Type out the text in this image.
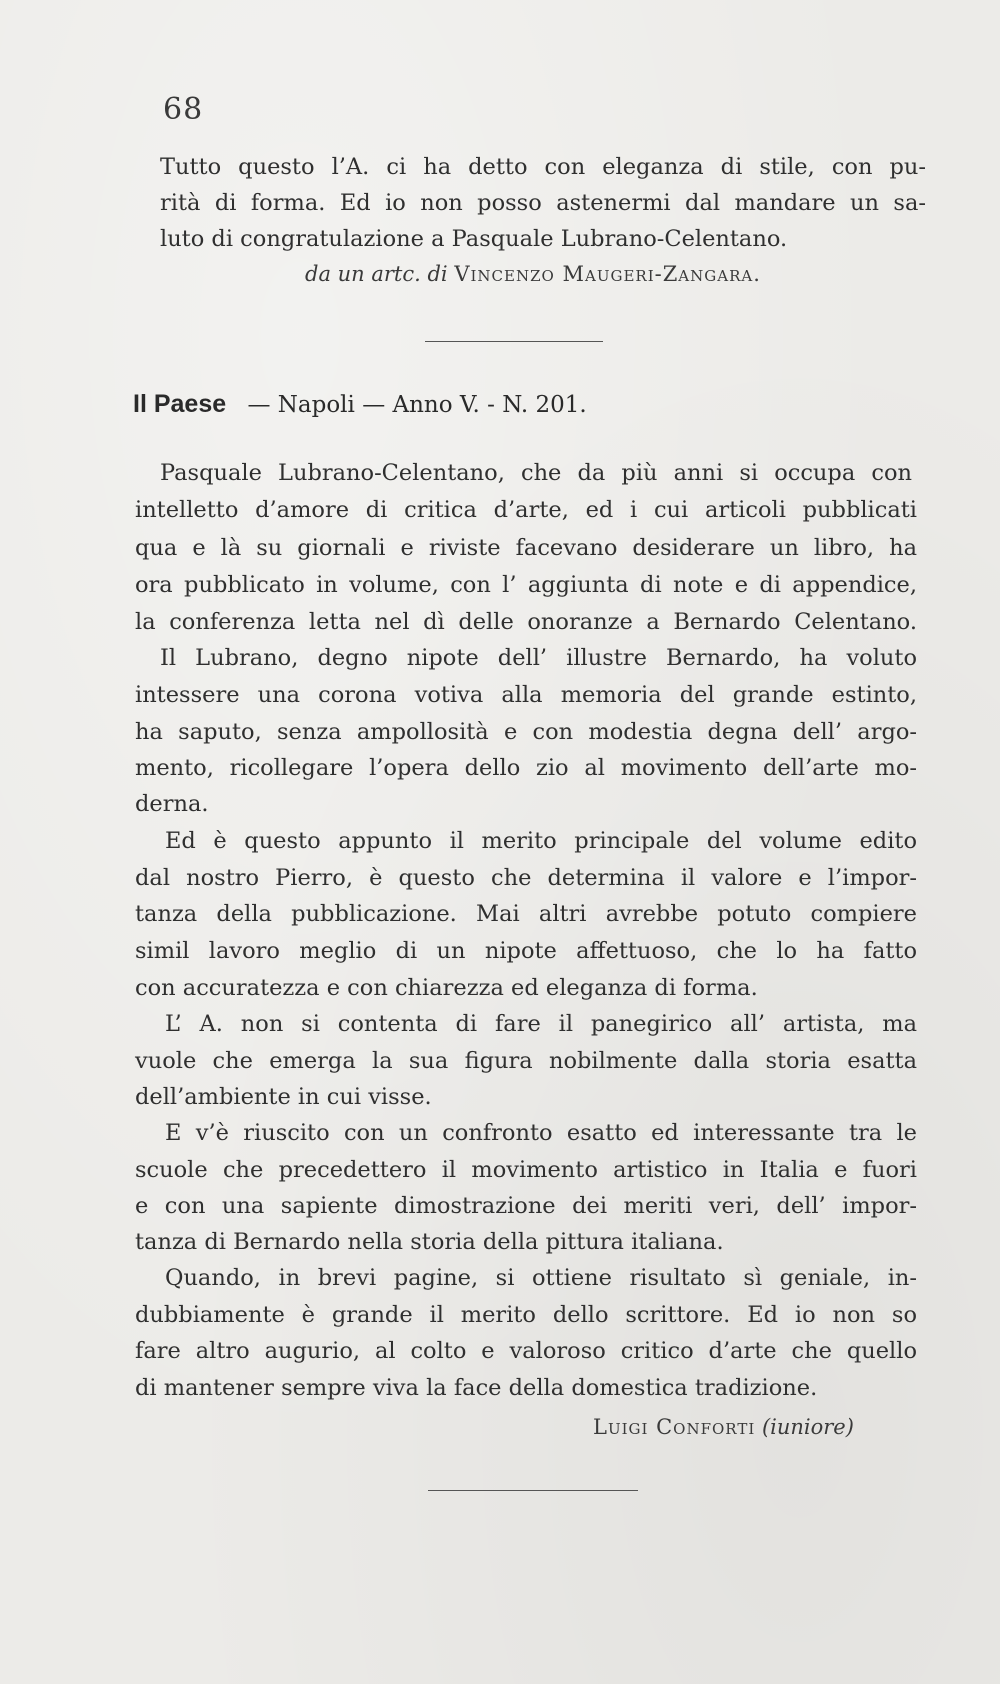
68
Tutto questo l’A. ci ha detto con eleganza di stile, con pu-
rità di forma. Ed io non posso astenermi dal mandare un sa-
luto di congratulazione a Pasquale Lubrano-Celentano.
da un artc. di Vincenzo Maugeri-Zangara.
Il Paese — Napoli — Anno V. - N. 201.
Pasquale Lubrano-Celentano, che da più anni si occupa con
intelletto d’amore di critica d’arte, ed i cui articoli pubblicati
qua e là su giornali e riviste facevano desiderare un libro, ha
ora pubblicato in volume, con l’ aggiunta di note e di appendice,
la conferenza letta nel dì delle onoranze a Bernardo Celentano.
Il Lubrano, degno nipote dell’ illustre Bernardo, ha voluto
intessere una corona votiva alla memoria del grande estinto,
ha saputo, senza ampollosità e con modestia degna dell’ argo-
mento, ricollegare l’opera dello zio al movimento dell’arte mo-
derna.
Ed è questo appunto il merito principale del volume edito
dal nostro Pierro, è questo che determina il valore e l’impor-
tanza della pubblicazione. Mai altri avrebbe potuto compiere
simil lavoro meglio di un nipote affettuoso, che lo ha fatto
con accuratezza e con chiarezza ed eleganza di forma.
L’ A. non si contenta di fare il panegirico all’ artista, ma
vuole che emerga la sua figura nobilmente dalla storia esatta
dell’ambiente in cui visse.
E v’è riuscito con un confronto esatto ed interessante tra le
scuole che precedettero il movimento artistico in Italia e fuori
e con una sapiente dimostrazione dei meriti veri, dell’ impor-
tanza di Bernardo nella storia della pittura italiana.
Quando, in brevi pagine, si ottiene risultato sì geniale, in-
dubbiamente è grande il merito dello scrittore. Ed io non so
fare altro augurio, al colto e valoroso critico d’arte che quello
di mantener sempre viva la face della domestica tradizione.
Luigi Conforti (iuniore)
